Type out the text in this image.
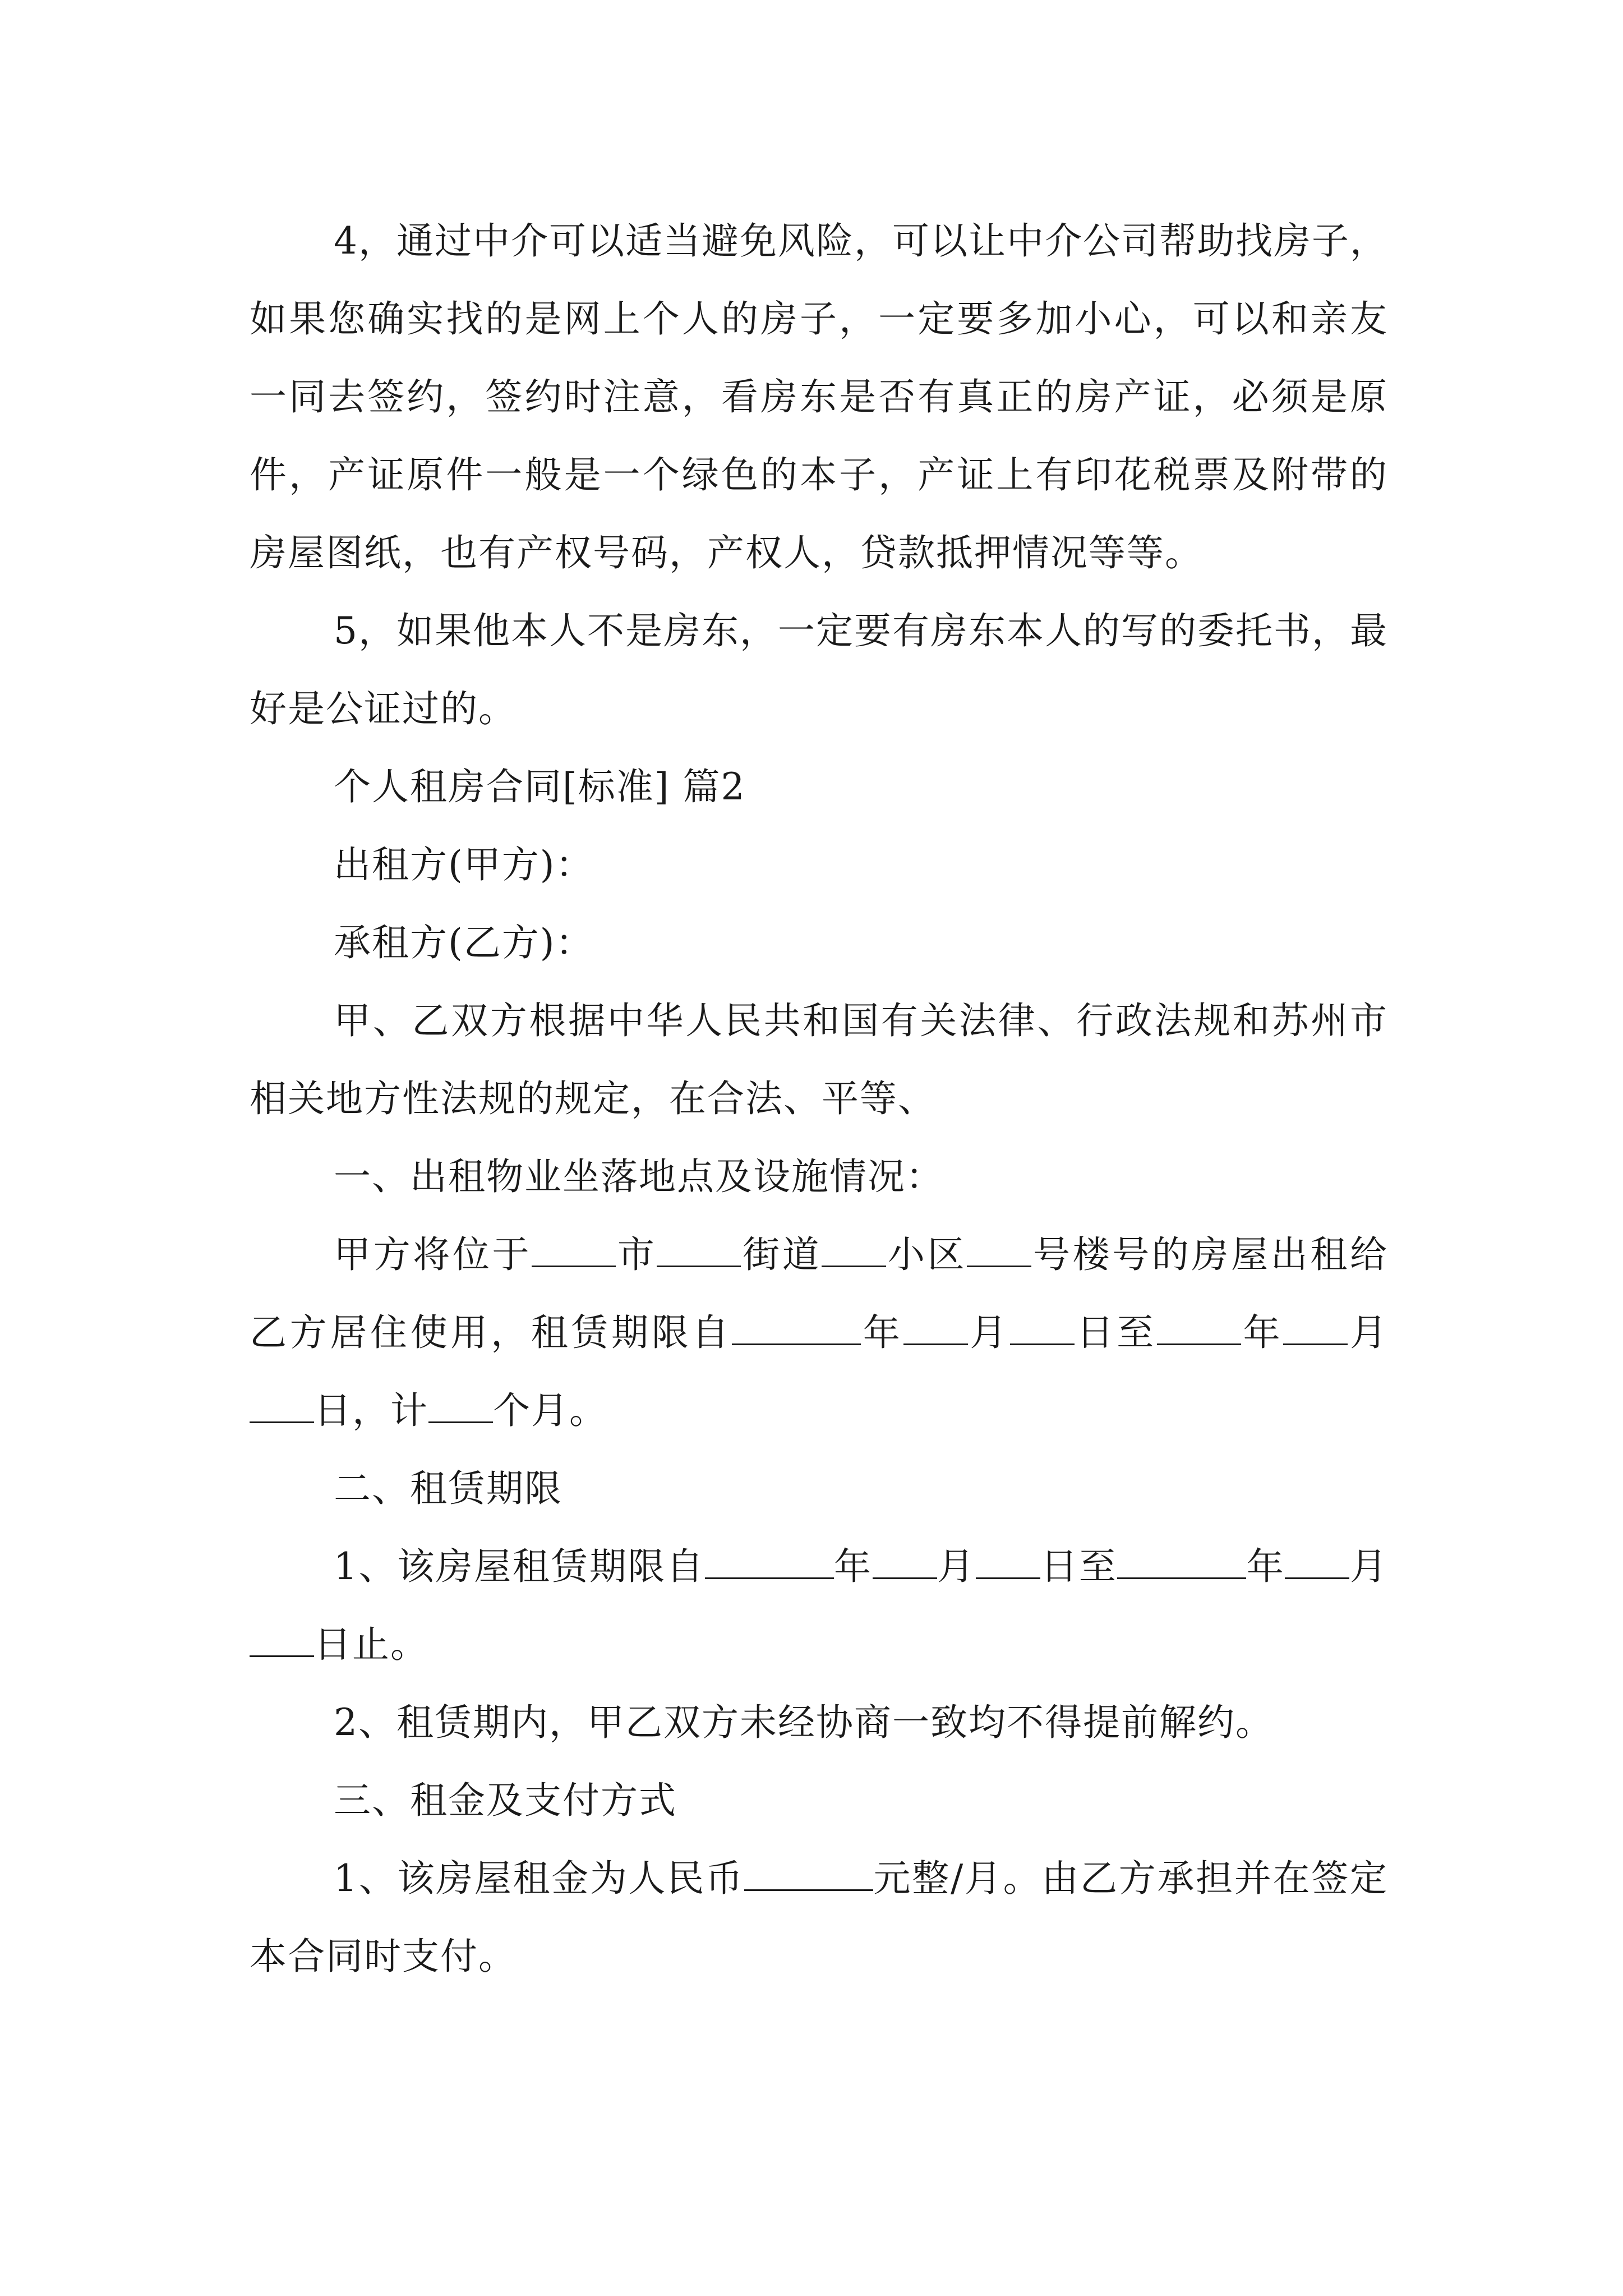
4，通过中介可以适当避免风险，可以让中介公司帮助找房子，如果您确实找的是网上个人的房子，一定要多加小心，可以和亲友一同去签约，签约时注意，看房东是否有真正的房产证，必须是原件，产证原件一般是一个绿色的本子，产证上有印花税票及附带的房屋图纸，也有产权号码，产权人，贷款抵押情况等等。

5，如果他本人不是房东，一定要有房东本人的写的委托书，最好是公证过的。

个人租房合同[标准] 篇2

出租方(甲方)：

承租方(乙方)：

甲、乙双方根据中华人民共和国有关法律、行政法规和苏州市相关地方性法规的规定，在合法、平等、

一、出租物业坐落地点及设施情况：

甲方将位于 市 街道 小区 号楼号的房屋出租给乙方居住使用，租赁期限自	年 月 日至 年 月日，计 个月。

二、租赁期限

1、该房屋租赁期限自	年 月 日至	年 月日止。

2、租赁期内，甲乙双方未经协商一致均不得提前解约。

三、租金及支付方式

1、该房屋租金为人民币	元整/月。由乙方承担并在签定本合同时支付。
